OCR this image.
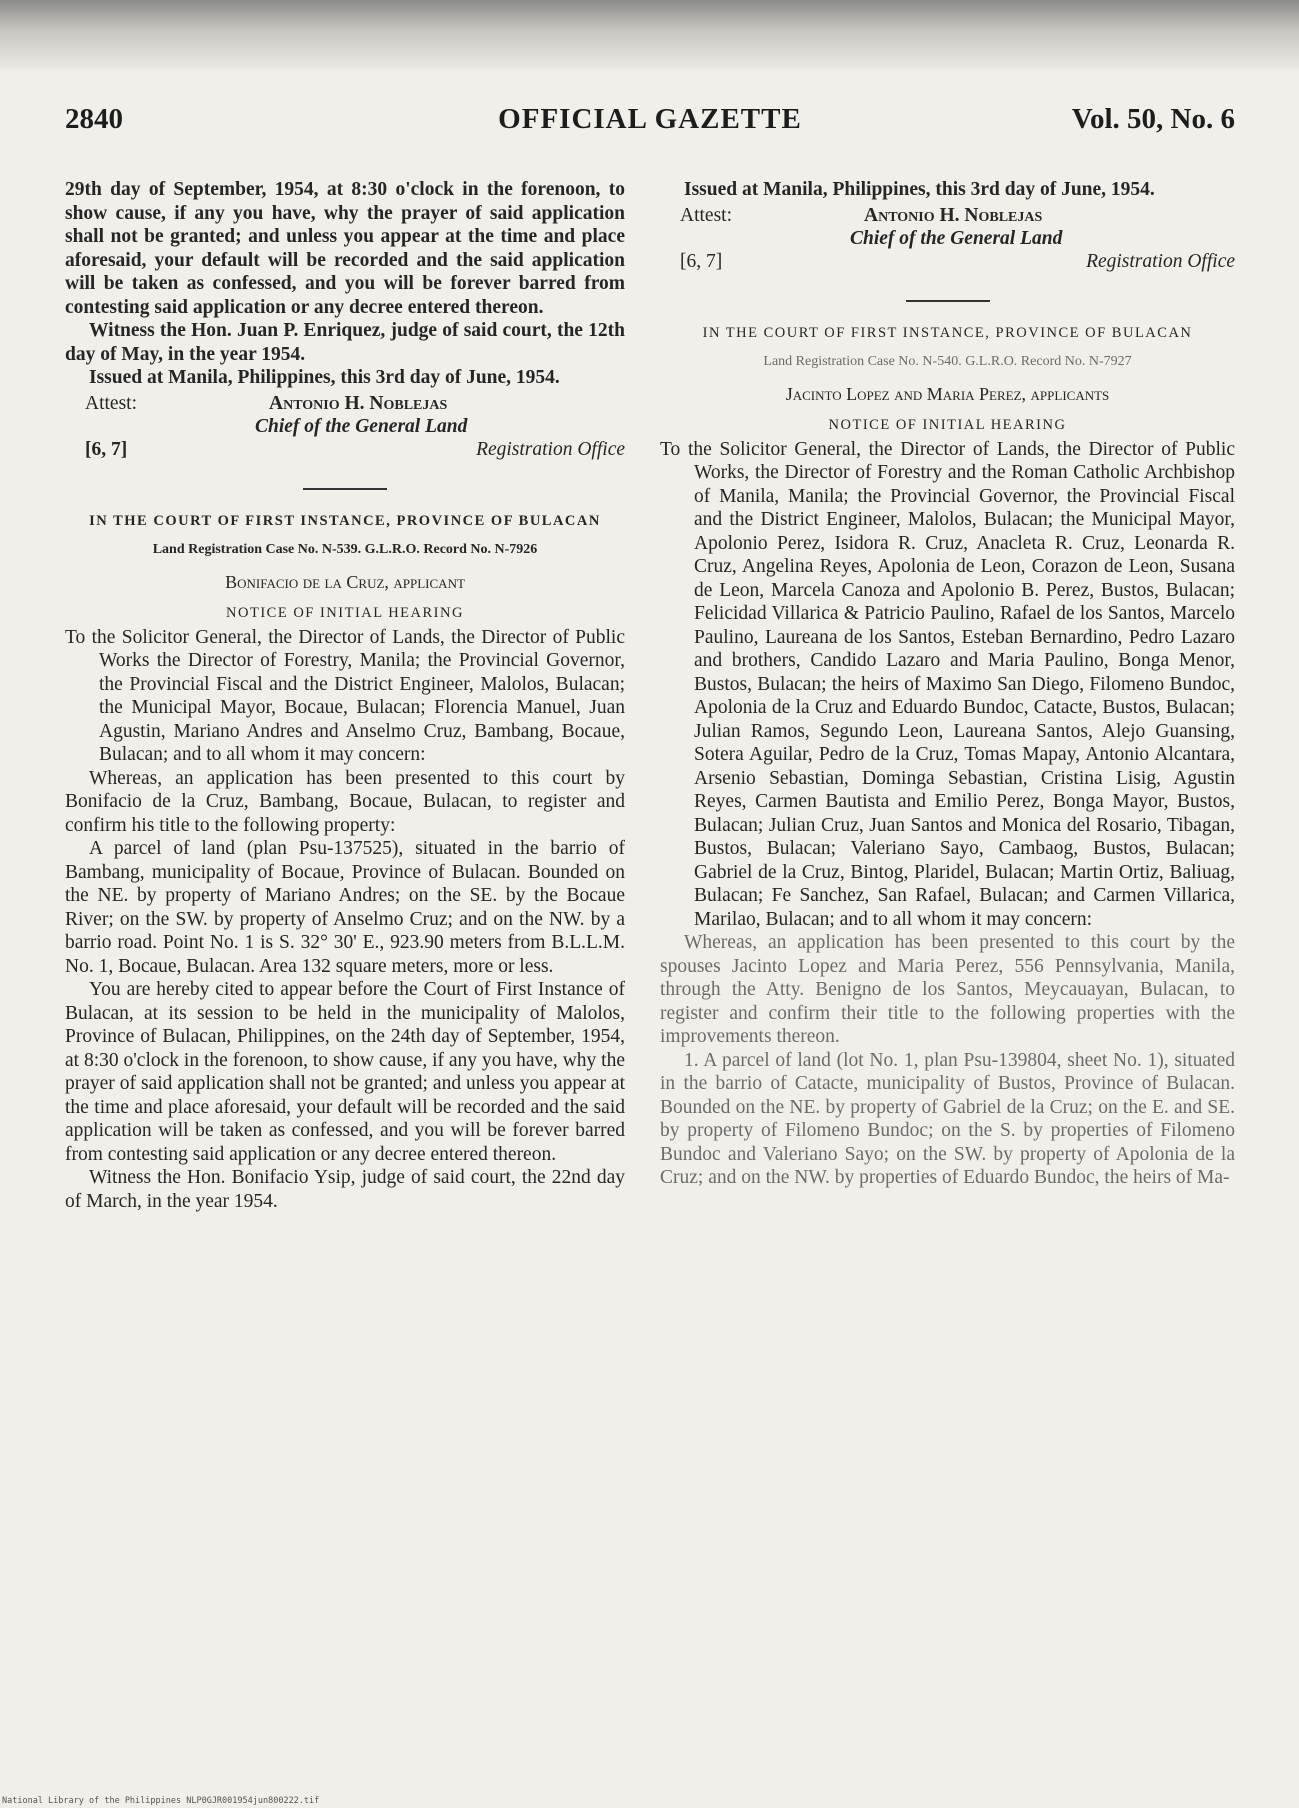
2840	OFFICIAL GAZETTE	Vol. 50, No. 6

29th day of September, 1954, at 8:30 o'clock in the forenoon, to show cause, if any you have, why the prayer of said application shall not be granted; and unless you appear at the time and place aforesaid, your default will be recorded and the said application will be taken as confessed, and you will be forever barred from contesting said application or any decree entered thereon.

Witness the Hon. Juan P. Enriquez, judge of said court, the 12th day of May, in the year 1954.

Issued at Manila, Philippines, this 3rd day of June, 1954.

Attest:	Antonio H. Noblejas
Chief of the General Land
[6, 7]	Registration Office
IN THE COURT OF FIRST INSTANCE, PROVINCE OF BULACAN
Land Registration Case No. N-539. G.L.R.O. Record No. N-7926
Bonifacio de la Cruz, applicant
NOTICE OF INITIAL HEARING

To the Solicitor General, the Director of Lands, the Director of Public Works the Director of Forestry, Manila; the Provincial Governor, the Provincial Fiscal and the District Engineer, Malolos, Bulacan; the Municipal Mayor, Bocaue, Bulacan; Florencia Manuel, Juan Agustin, Mariano Andres and Anselmo Cruz, Bambang, Bocaue, Bulacan; and to all whom it may concern:

Whereas, an application has been presented to this court by Bonifacio de la Cruz, Bambang, Bocaue, Bulacan, to register and confirm his title to the following property:

A parcel of land (plan Psu-137525), situated in the barrio of Bambang, municipality of Bocaue, Province of Bulacan. Bounded on the NE. by property of Mariano Andres; on the SE. by the Bocaue River; on the SW. by property of Anselmo Cruz; and on the NW. by a barrio road. Point No. 1 is S. 32° 30' E., 923.90 meters from B.L.L.M. No. 1, Bocaue, Bulacan. Area 132 square meters, more or less.

You are hereby cited to appear before the Court of First Instance of Bulacan, at its session to be held in the municipality of Malolos, Province of Bulacan, Philippines, on the 24th day of September, 1954, at 8:30 o'clock in the forenoon, to show cause, if any you have, why the prayer of said application shall not be granted; and unless you appear at the time and place aforesaid, your default will be recorded and the said application will be taken as confessed, and you will be forever barred from contesting said application or any decree entered thereon.

Witness the Hon. Bonifacio Ysip, judge of said court, the 22nd day of March, in the year 1954.

Issued at Manila, Philippines, this 3rd day of June, 1954.

Attest:	Antonio H. Noblejas
Chief of the General Land
[6, 7]	Registration Office
IN THE COURT OF FIRST INSTANCE, PROVINCE OF BULACAN
Land Registration Case No. N-540. G.L.R.O. Record No. N-7927
Jacinto Lopez and Maria Perez, applicants
NOTICE OF INITIAL HEARING

To the Solicitor General, the Director of Lands, the Director of Public Works, the Director of Forestry and the Roman Catholic Archbishop of Manila, Manila; the Provincial Governor, the Provincial Fiscal and the District Engineer, Malolos, Bulacan; the Municipal Mayor, Apolonio Perez, Isidora R. Cruz, Anacleta R. Cruz, Leonarda R. Cruz, Angelina Reyes, Apolonia de Leon, Corazon de Leon, Susana de Leon, Marcela Canoza and Apolonio B. Perez, Bustos, Bulacan; Felicidad Villarica & Patricio Paulino, Rafael de los Santos, Marcelo Paulino, Laureana de los Santos, Esteban Bernardino, Pedro Lazaro and brothers, Candido Lazaro and Maria Paulino, Bonga Menor, Bustos, Bulacan; the heirs of Maximo San Diego, Filomeno Bundoc, Apolonia de la Cruz and Eduardo Bundoc, Catacte, Bustos, Bulacan; Julian Ramos, Segundo Leon, Laureana Santos, Alejo Guansing, Sotera Aguilar, Pedro de la Cruz, Tomas Mapay, Antonio Alcantara, Arsenio Sebastian, Dominga Sebastian, Cristina Lisig, Agustin Reyes, Carmen Bautista and Emilio Perez, Bonga Mayor, Bustos, Bulacan; Julian Cruz, Juan Santos and Monica del Rosario, Tibagan, Bustos, Bulacan; Valeriano Sayo, Cambaog, Bustos, Bulacan; Gabriel de la Cruz, Bintog, Plaridel, Bulacan; Martin Ortiz, Baliuag, Bulacan; Fe Sanchez, San Rafael, Bulacan; and Carmen Villarica, Marilao, Bulacan; and to all whom it may concern:

Whereas, an application has been presented to this court by the spouses Jacinto Lopez and Maria Perez, 556 Pennsylvania, Manila, through the Atty. Benigno de los Santos, Meycauayan, Bulacan, to register and confirm their title to the following properties with the improvements thereon.

1. A parcel of land (lot No. 1, plan Psu-139804, sheet No. 1), situated in the barrio of Catacte, municipality of Bustos, Province of Bulacan. Bounded on the NE. by property of Gabriel de la Cruz; on the E. and SE. by property of Filomeno Bundoc; on the S. by properties of Filomeno Bundoc and Valeriano Sayo; on the SW. by property of Apolonia de la Cruz; and on the NW. by properties of Eduardo Bundoc, the heirs of Ma-

National Library of the Philippines NLP0GJR001954jun800222.tif
